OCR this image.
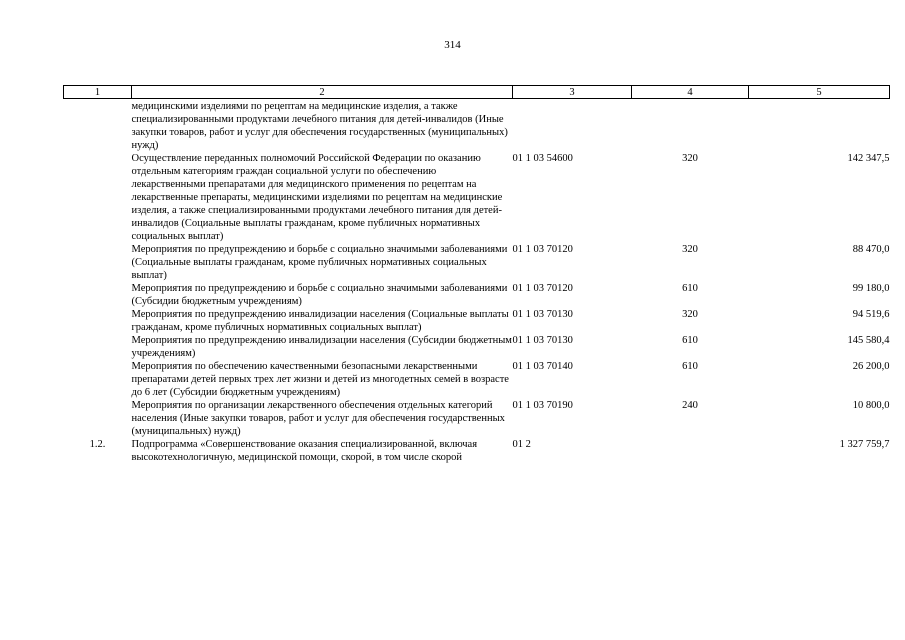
314
1	2	3	4	5
	медицинскими изделиями по рецептам на медицинские изделия, а также специализированными продуктами лечебного питания для детей-инвалидов (Иные закупки товаров, работ и услуг для обеспечения государственных (муниципальных) нужд)			
	Осуществление переданных полномочий Российской Федерации по оказанию отдельным категориям граждан социальной услуги по обеспечению лекарственными препаратами для медицинского применения по рецептам на лекарственные препараты, медицинскими изделиями по рецептам на медицинские изделия, а также специализированными продуктами лечебного питания для детей-инвалидов (Социальные выплаты гражданам, кроме публичных нормативных социальных выплат)	01 1 03 54600	320	142 347,5
	Мероприятия по предупреждению и борьбе с социально значимыми заболеваниями (Социальные выплаты гражданам, кроме публичных нормативных социальных выплат)	01 1 03 70120	320	88 470,0
	Мероприятия по предупреждению и борьбе с социально значимыми заболеваниями (Субсидии бюджетным учреждениям)	01 1 03 70120	610	99 180,0
	Мероприятия по предупреждению инвалидизации населения (Социальные выплаты гражданам, кроме публичных нормативных социальных выплат)	01 1 03 70130	320	94 519,6
	Мероприятия по предупреждению инвалидизации населения (Субсидии бюджетным учреждениям)	01 1 03 70130	610	145 580,4
	Мероприятия по обеспечению качественными безопасными лекарственными препаратами детей первых трех лет жизни и детей из многодетных семей в возрасте до 6 лет (Субсидии бюджетным учреждениям)	01 1 03 70140	610	26 200,0
	Мероприятия по организации лекарственного обеспечения отдельных категорий населения (Иные закупки товаров, работ и услуг для обеспечения государственных (муниципальных) нужд)	01 1 03 70190	240	10 800,0
1.2.	Подпрограмма «Совершенствование оказания специализированной, включая высокотехнологичную, медицинской помощи, скорой, в том числе скорой	01 2		1 327 759,7
